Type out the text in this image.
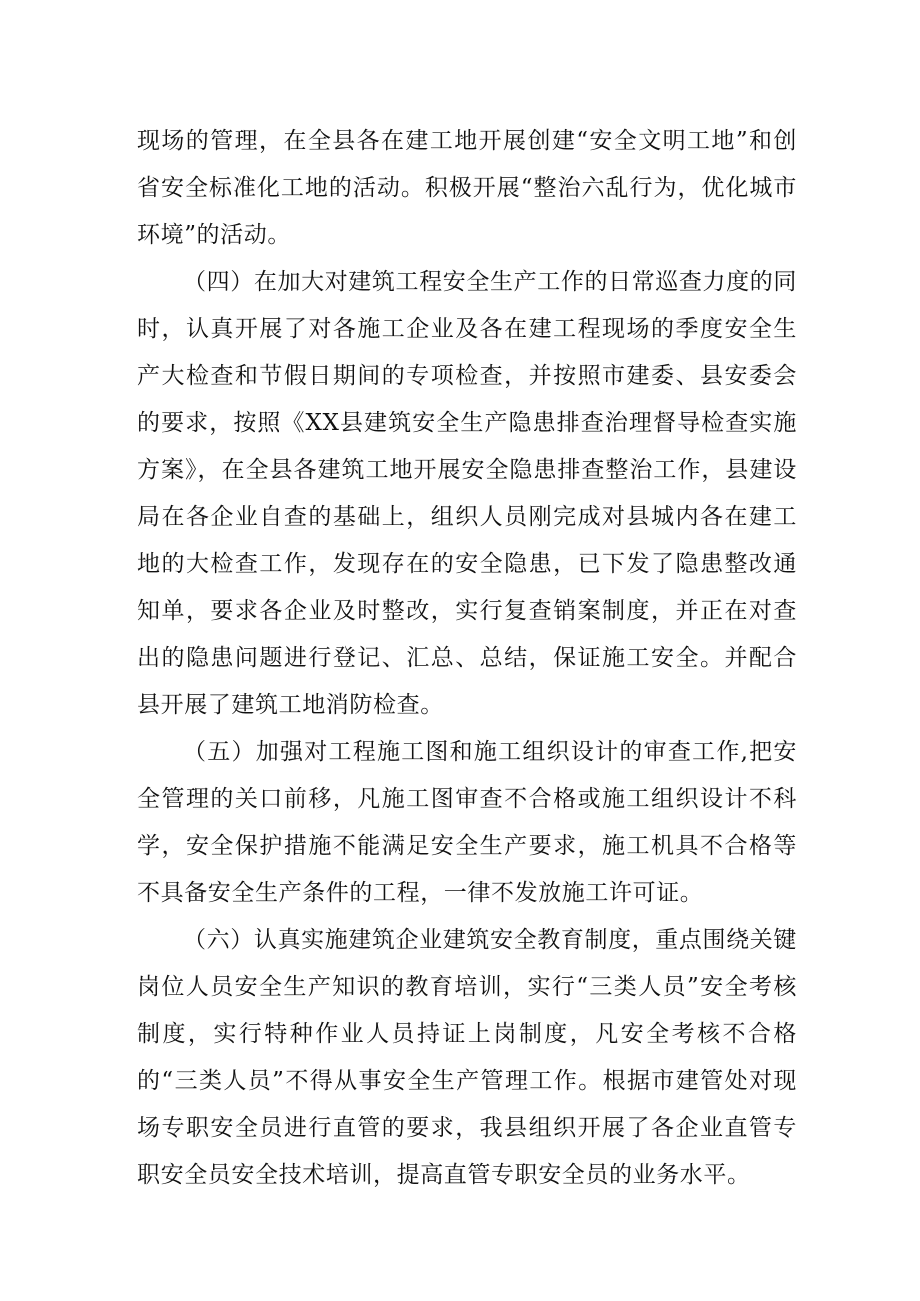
现场的管理，在全县各在建工地开展创建“安全文明工地”和创省安全标准化工地的活动。积极开展“整治六乱行为，优化城市环境”的活动。

（四）在加大对建筑工程安全生产工作的日常巡查力度的同时，认真开展了对各施工企业及各在建工程现场的季度安全生产大检查和节假日期间的专项检查，并按照市建委、县安委会的要求，按照《XX县建筑安全生产隐患排查治理督导检查实施方案》，在全县各建筑工地开展安全隐患排查整治工作，县建设局在各企业自查的基础上，组织人员刚完成对县城内各在建工地的大检查工作，发现存在的安全隐患，已下发了隐患整改通知单，要求各企业及时整改，实行复查销案制度，并正在对查出的隐患问题进行登记、汇总、总结，保证施工安全。并配合县开展了建筑工地消防检查。

（五）加强对工程施工图和施工组织设计的审查工作,把安全管理的关口前移，凡施工图审查不合格或施工组织设计不科学，安全保护措施不能满足安全生产要求，施工机具不合格等不具备安全生产条件的工程，一律不发放施工许可证。

（六）认真实施建筑企业建筑安全教育制度，重点围绕关键岗位人员安全生产知识的教育培训，实行“三类人员”安全考核制度，实行特种作业人员持证上岗制度，凡安全考核不合格的“三类人员”不得从事安全生产管理工作。根据市建管处对现场专职安全员进行直管的要求，我县组织开展了各企业直管专职安全员安全技术培训，提高直管专职安全员的业务水平。
